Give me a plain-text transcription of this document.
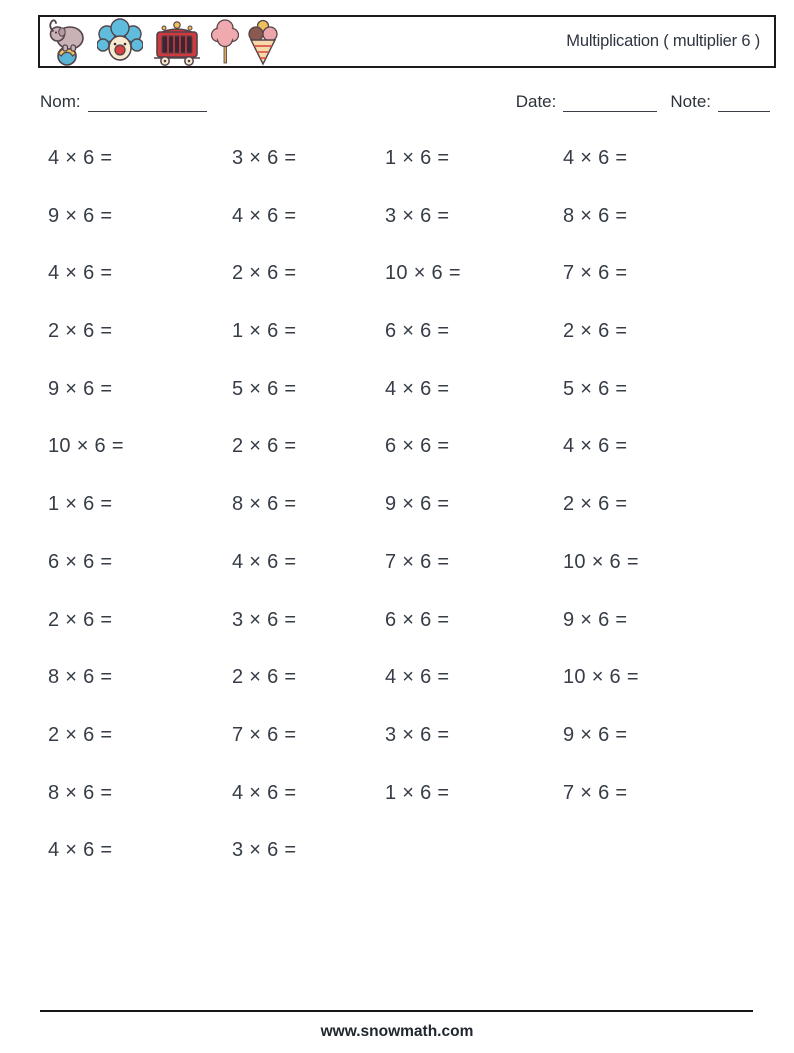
Multiplication ( multiplier 6 )
Nom:	Date:	Note:
4 × 6 =	3 × 6 =	1 × 6 =	4 × 6 =
9 × 6 =	4 × 6 =	3 × 6 =	8 × 6 =
4 × 6 =	2 × 6 =	10 × 6 =	7 × 6 =
2 × 6 =	1 × 6 =	6 × 6 =	2 × 6 =
9 × 6 =	5 × 6 =	4 × 6 =	5 × 6 =
10 × 6 =	2 × 6 =	6 × 6 =	4 × 6 =
1 × 6 =	8 × 6 =	9 × 6 =	2 × 6 =
6 × 6 =	4 × 6 =	7 × 6 =	10 × 6 =
2 × 6 =	3 × 6 =	6 × 6 =	9 × 6 =
8 × 6 =	2 × 6 =	4 × 6 =	10 × 6 =
2 × 6 =	7 × 6 =	3 × 6 =	9 × 6 =
8 × 6 =	4 × 6 =	1 × 6 =	7 × 6 =
4 × 6 =	3 × 6 =
www.snowmath.com
